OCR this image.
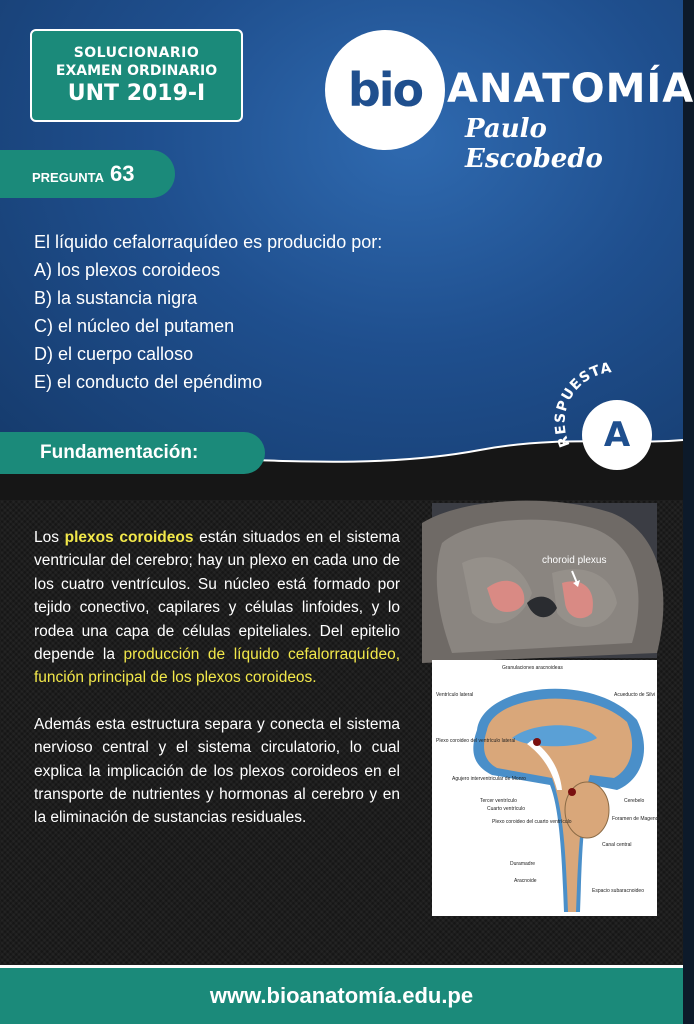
SOLUCIONARIO
EXAMEN ORDINARIO
UNT 2019-I	bio ANATOMÍA
Paulo Escobedo
PREGUNTA 63
El líquido cefalorraquídeo es producido por:
A) los plexos coroideos
B) la sustancia nigra
C) el núcleo del putamen
D) el cuerpo calloso
E) el conducto del epéndimo
RESPUESTA
A
Fundamentación:

Los plexos coroideos están situados en el sistema ventricular del cerebro; hay un plexo en cada uno de los cuatro ventrículos. Su núcleo está formado por tejido conectivo, capilares y células linfoides, y lo rodea una capa de células epiteliales. Del epitelio depende la producción de líquido cefalorraquídeo, función principal de los plexos coroideos.

Además esta estructura separa y conecta el sistema nervioso central y el sistema circulatorio, lo cual explica la implicación de los plexos coroideos en el transporte de nutrientes y hormonas al cerebro y en la eliminación de sustancias residuales.

choroid plexus
Granulaciones aracnoideas
Ventrículo lateral	Acueducto de Silvi
Plexo coroideo del ventrículo lateral
Agujero interventricular de Monro
Tercer ventrículo
Cuarto ventrículo
Cerebelo
Plexo coroideo del cuarto ventrículo	Foramen de Magendie
Canal central
Duramadre
Aracnoide
Espacio subaracnoideo
www.bioanatomía.edu.pe
